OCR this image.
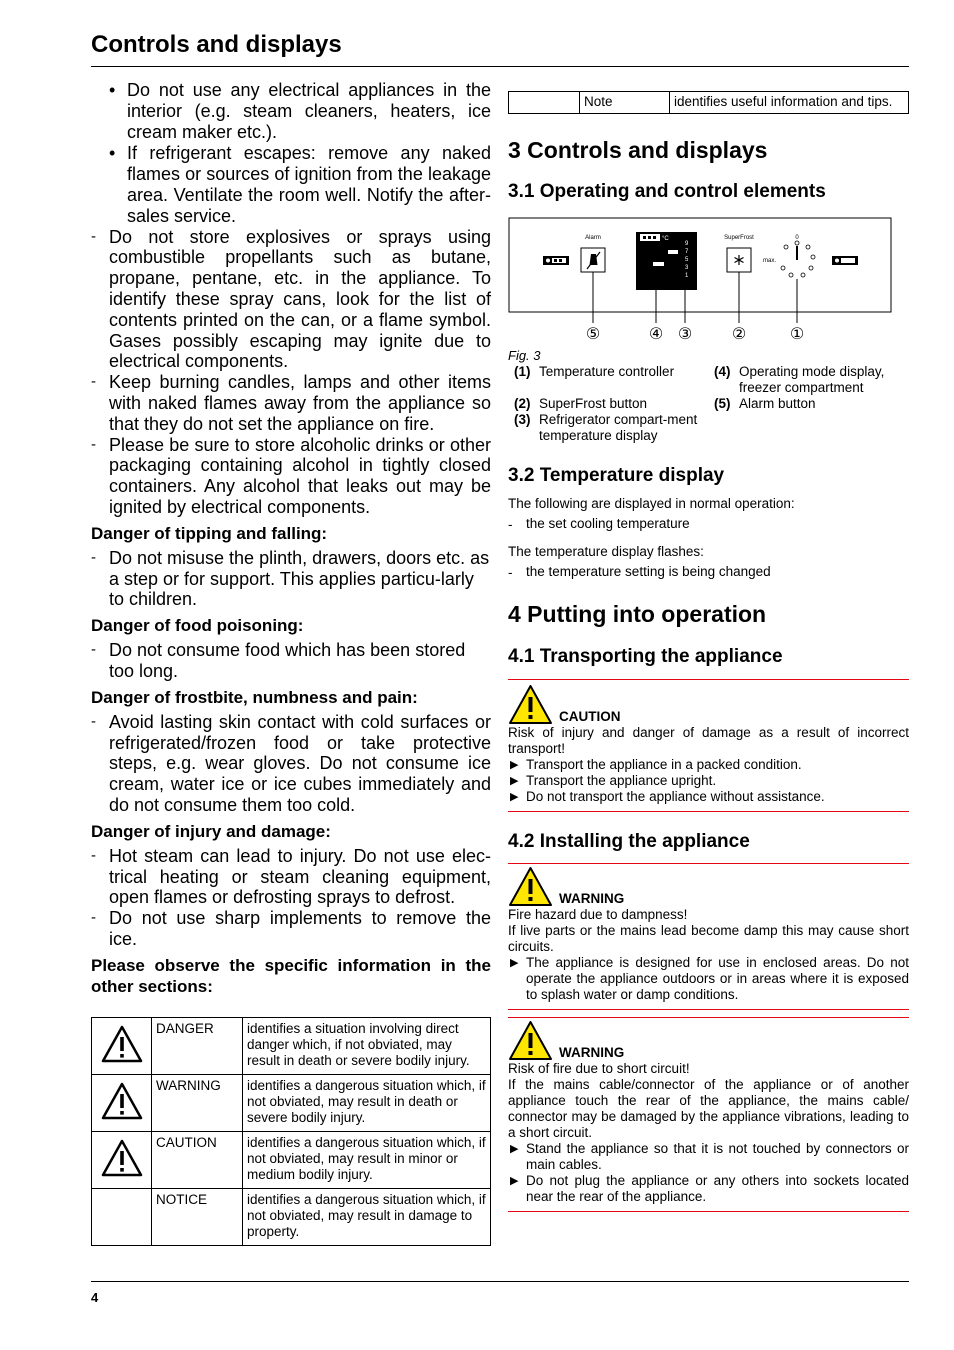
Controls and displays
• Do not use any electrical appliances in the interior (e.g. steam cleaners, heaters, ice cream maker etc.).
• If refrigerant escapes: remove any naked flames or sources of ignition from the leakage area. Ventilate the room well. Notify the after-sales service.
- Do not store explosives or sprays using combustible propellants such as butane, propane, pentane, etc. in the appliance. To identify these spray cans, look for the list of contents printed on the can, or a flame symbol. Gases possibly escaping may ignite due to electrical components.
- Keep burning candles, lamps and other items with naked flames away from the appliance so that they do not set the appliance on fire.
- Please be sure to store alcoholic drinks or other packaging containing alcohol in tightly closed containers. Any alcohol that leaks out may be ignited by electrical components.
Danger of tipping and falling:
- Do not misuse the plinth, drawers, doors etc. as a step or for support. This applies particu-larly to children.
Danger of food poisoning:
- Do not consume food which has been stored too long.
Danger of frostbite, numbness and pain:
- Avoid lasting skin contact with cold surfaces or refrigerated/frozen food or take protective steps, e.g. wear gloves. Do not consume ice cream, water ice or ice cubes immediately and do not consume them too cold.
Danger of injury and damage:
- Hot steam can lead to injury. Do not use elec-trical heating or steam cleaning equipment, open flames or defrosting sprays to defrost.
- Do not use sharp implements to remove the ice.
Please observe the specific information in the other sections:
	DANGER	identifies a situation involving direct danger which, if not obviated, may result in death or severe bodily injury.
	WARNING	identifies a dangerous situation which, if not obviated, may result in death or severe bodily injury.
	CAUTION	identifies a dangerous situation which, if not obviated, may result in minor or medium bodily injury.
	NOTICE	identifies a dangerous situation which, if not obviated, may result in damage to property.
	Note	identifies useful information and tips.
3 Controls and displays
3.1 Operating and control elements
Alarm	°C
9
7
5
3
1
SuperFrost	0
max.
⑤	④ ③ ②	①
Fig. 3
(1) Temperature controller	(4) Operating mode display, freezer compartment
(2) SuperFrost button	(5) Alarm button
(3) Refrigerator compart-ment temperature display
3.2 Temperature display
The following are displayed in normal operation:
- the set cooling temperature
The temperature display flashes:
- the temperature setting is being changed
4 Putting into operation
4.1 Transporting the appliance
CAUTION
Risk of injury and danger of damage as a result of incorrect transport!
▶ Transport the appliance in a packed condition.
▶ Transport the appliance upright.
▶ Do not transport the appliance without assistance.
4.2 Installing the appliance
WARNING
Fire hazard due to dampness!
If live parts or the mains lead become damp this may cause short circuits.
▶ The appliance is designed for use in enclosed areas. Do not operate the appliance outdoors or in areas where it is exposed to splash water or damp conditions.
WARNING
Risk of fire due to short circuit!
If the mains cable/connector of the appliance or of another appliance touch the rear of the appliance, the mains cable/ connector may be damaged by the appliance vibrations, leading to a short circuit.
▶ Stand the appliance so that it is not touched by connectors or main cables.
▶ Do not plug the appliance or any others into sockets located near the rear of the appliance.
4
